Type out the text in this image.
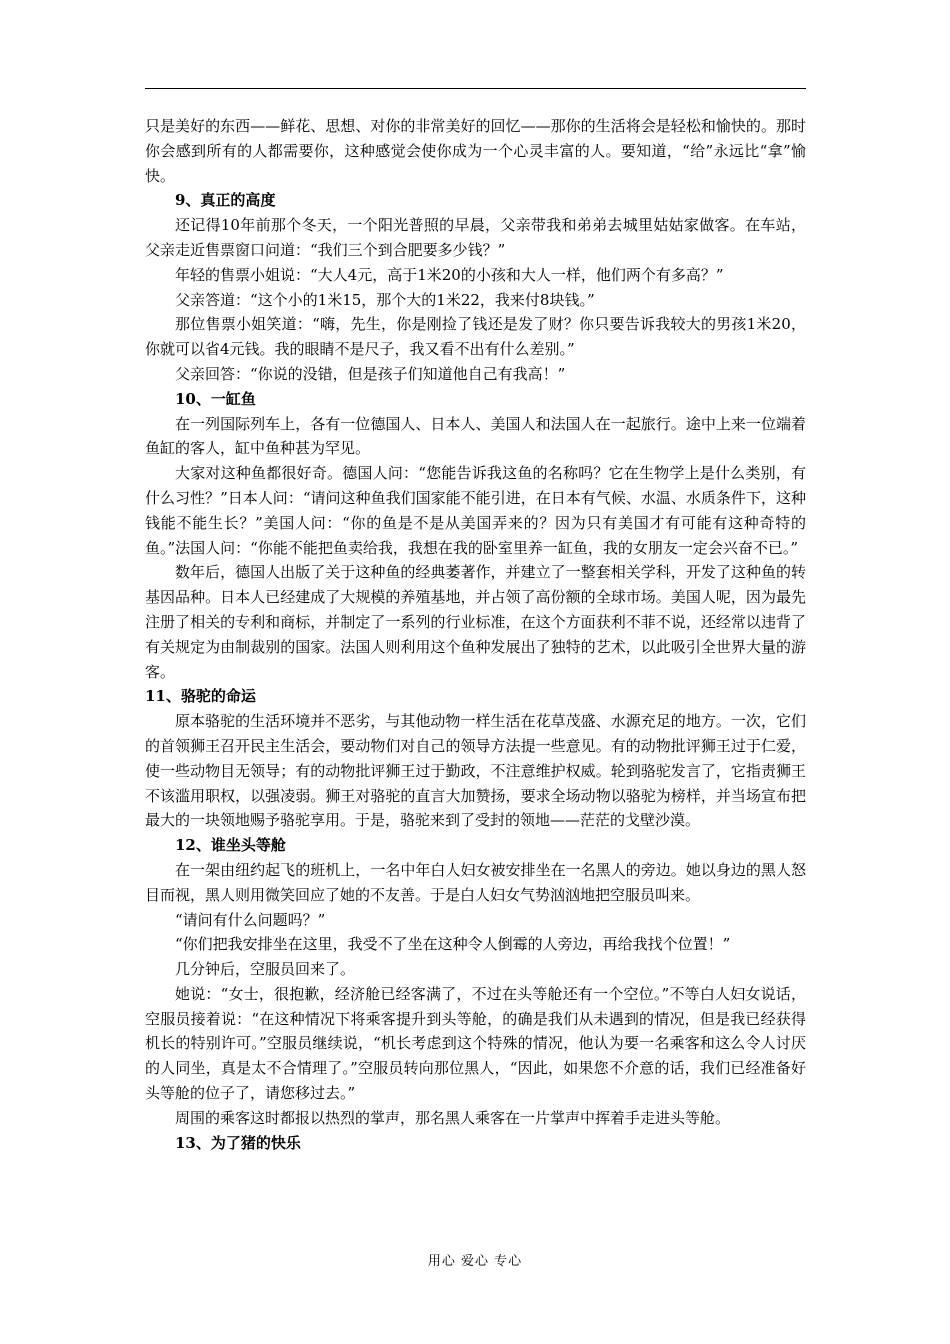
只是美好的东西——鲜花、思想、对你的非常美好的回忆——那你的生活将会是轻松和愉快的。那时你会感到所有的人都需要你，这种感觉会使你成为一个心灵丰富的人。要知道，“给”永远比“拿”愉快。

9、真正的高度

还记得10年前那个冬天，一个阳光普照的早晨，父亲带我和弟弟去城里姑姑家做客。在车站，父亲走近售票窗口问道：“我们三个到合肥要多少钱？”

年轻的售票小姐说：“大人4元，高于1米20的小孩和大人一样，他们两个有多高？”

父亲答道：“这个小的1米15，那个大的1米22，我来付8块钱。”

那位售票小姐笑道：“嗨，先生，你是刚捡了钱还是发了财？你只要告诉我较大的男孩1米20，你就可以省4元钱。我的眼睛不是尺子，我又看不出有什么差别。”

父亲回答：“你说的没错，但是孩子们知道他自己有我高！”

10、一缸鱼

在一列国际列车上，各有一位德国人、日本人、美国人和法国人在一起旅行。途中上来一位端着鱼缸的客人，缸中鱼种甚为罕见。

大家对这种鱼都很好奇。德国人问：“您能告诉我这鱼的名称吗？它在生物学上是什么类别，有什么习性？”日本人问：“请问这种鱼我们国家能不能引进，在日本有气候、水温、水质条件下，这种钱能不能生长？”美国人问：“你的鱼是不是从美国弄来的？因为只有美国才有可能有这种奇特的鱼。”法国人问：“你能不能把鱼卖给我，我想在我的卧室里养一缸鱼，我的女朋友一定会兴奋不已。”

数年后，德国人出版了关于这种鱼的经典萎著作，并建立了一整套相关学科，开发了这种鱼的转基因品种。日本人已经建成了大规模的养殖基地，并占领了高份额的全球市场。美国人呢，因为最先注册了相关的专利和商标，并制定了一系列的行业标准，在这个方面获利不菲不说，还经常以违背了有关规定为由制裁别的国家。法国人则利用这个鱼种发展出了独特的艺术，以此吸引全世界大量的游客。

11、骆驼的命运

原本骆驼的生活环境并不恶劣，与其他动物一样生活在花草茂盛、水源充足的地方。一次，它们的首领狮王召开民主生活会，要动物们对自己的领导方法提一些意见。有的动物批评狮王过于仁爱，使一些动物目无领导；有的动物批评狮王过于勤政，不注意维护权威。轮到骆驼发言了，它指责狮王不该滥用职权，以强凌弱。狮王对骆驼的直言大加赞扬，要求全场动物以骆驼为榜样，并当场宣布把最大的一块领地赐予骆驼享用。于是，骆驼来到了受封的领地——茫茫的戈壁沙漠。

12、谁坐头等舱

在一架由纽约起飞的班机上，一名中年白人妇女被安排坐在一名黑人的旁边。她以身边的黑人怒目而视，黑人则用微笑回应了她的不友善。于是白人妇女气势汹汹地把空服员叫来。

“请问有什么问题吗？”

“你们把我安排坐在这里，我受不了坐在这种令人倒霉的人旁边，再给我找个位置！”

几分钟后，空服员回来了。

她说：“女士，很抱歉，经济舱已经客满了，不过在头等舱还有一个空位。”不等白人妇女说话，空服员接着说：“在这种情况下将乘客提升到头等舱，的确是我们从未遇到的情况，但是我已经获得机长的特别许可。”空服员继续说，“机长考虑到这个特殊的情况，他认为要一名乘客和这么令人讨厌的人同坐，真是太不合情理了。”空服员转向那位黑人，“因此，如果您不介意的话，我们已经准备好头等舱的位子了，请您移过去。”

周围的乘客这时都报以热烈的掌声，那名黑人乘客在一片掌声中挥着手走进头等舱。

13、为了猪的快乐

用心 爱心 专心
